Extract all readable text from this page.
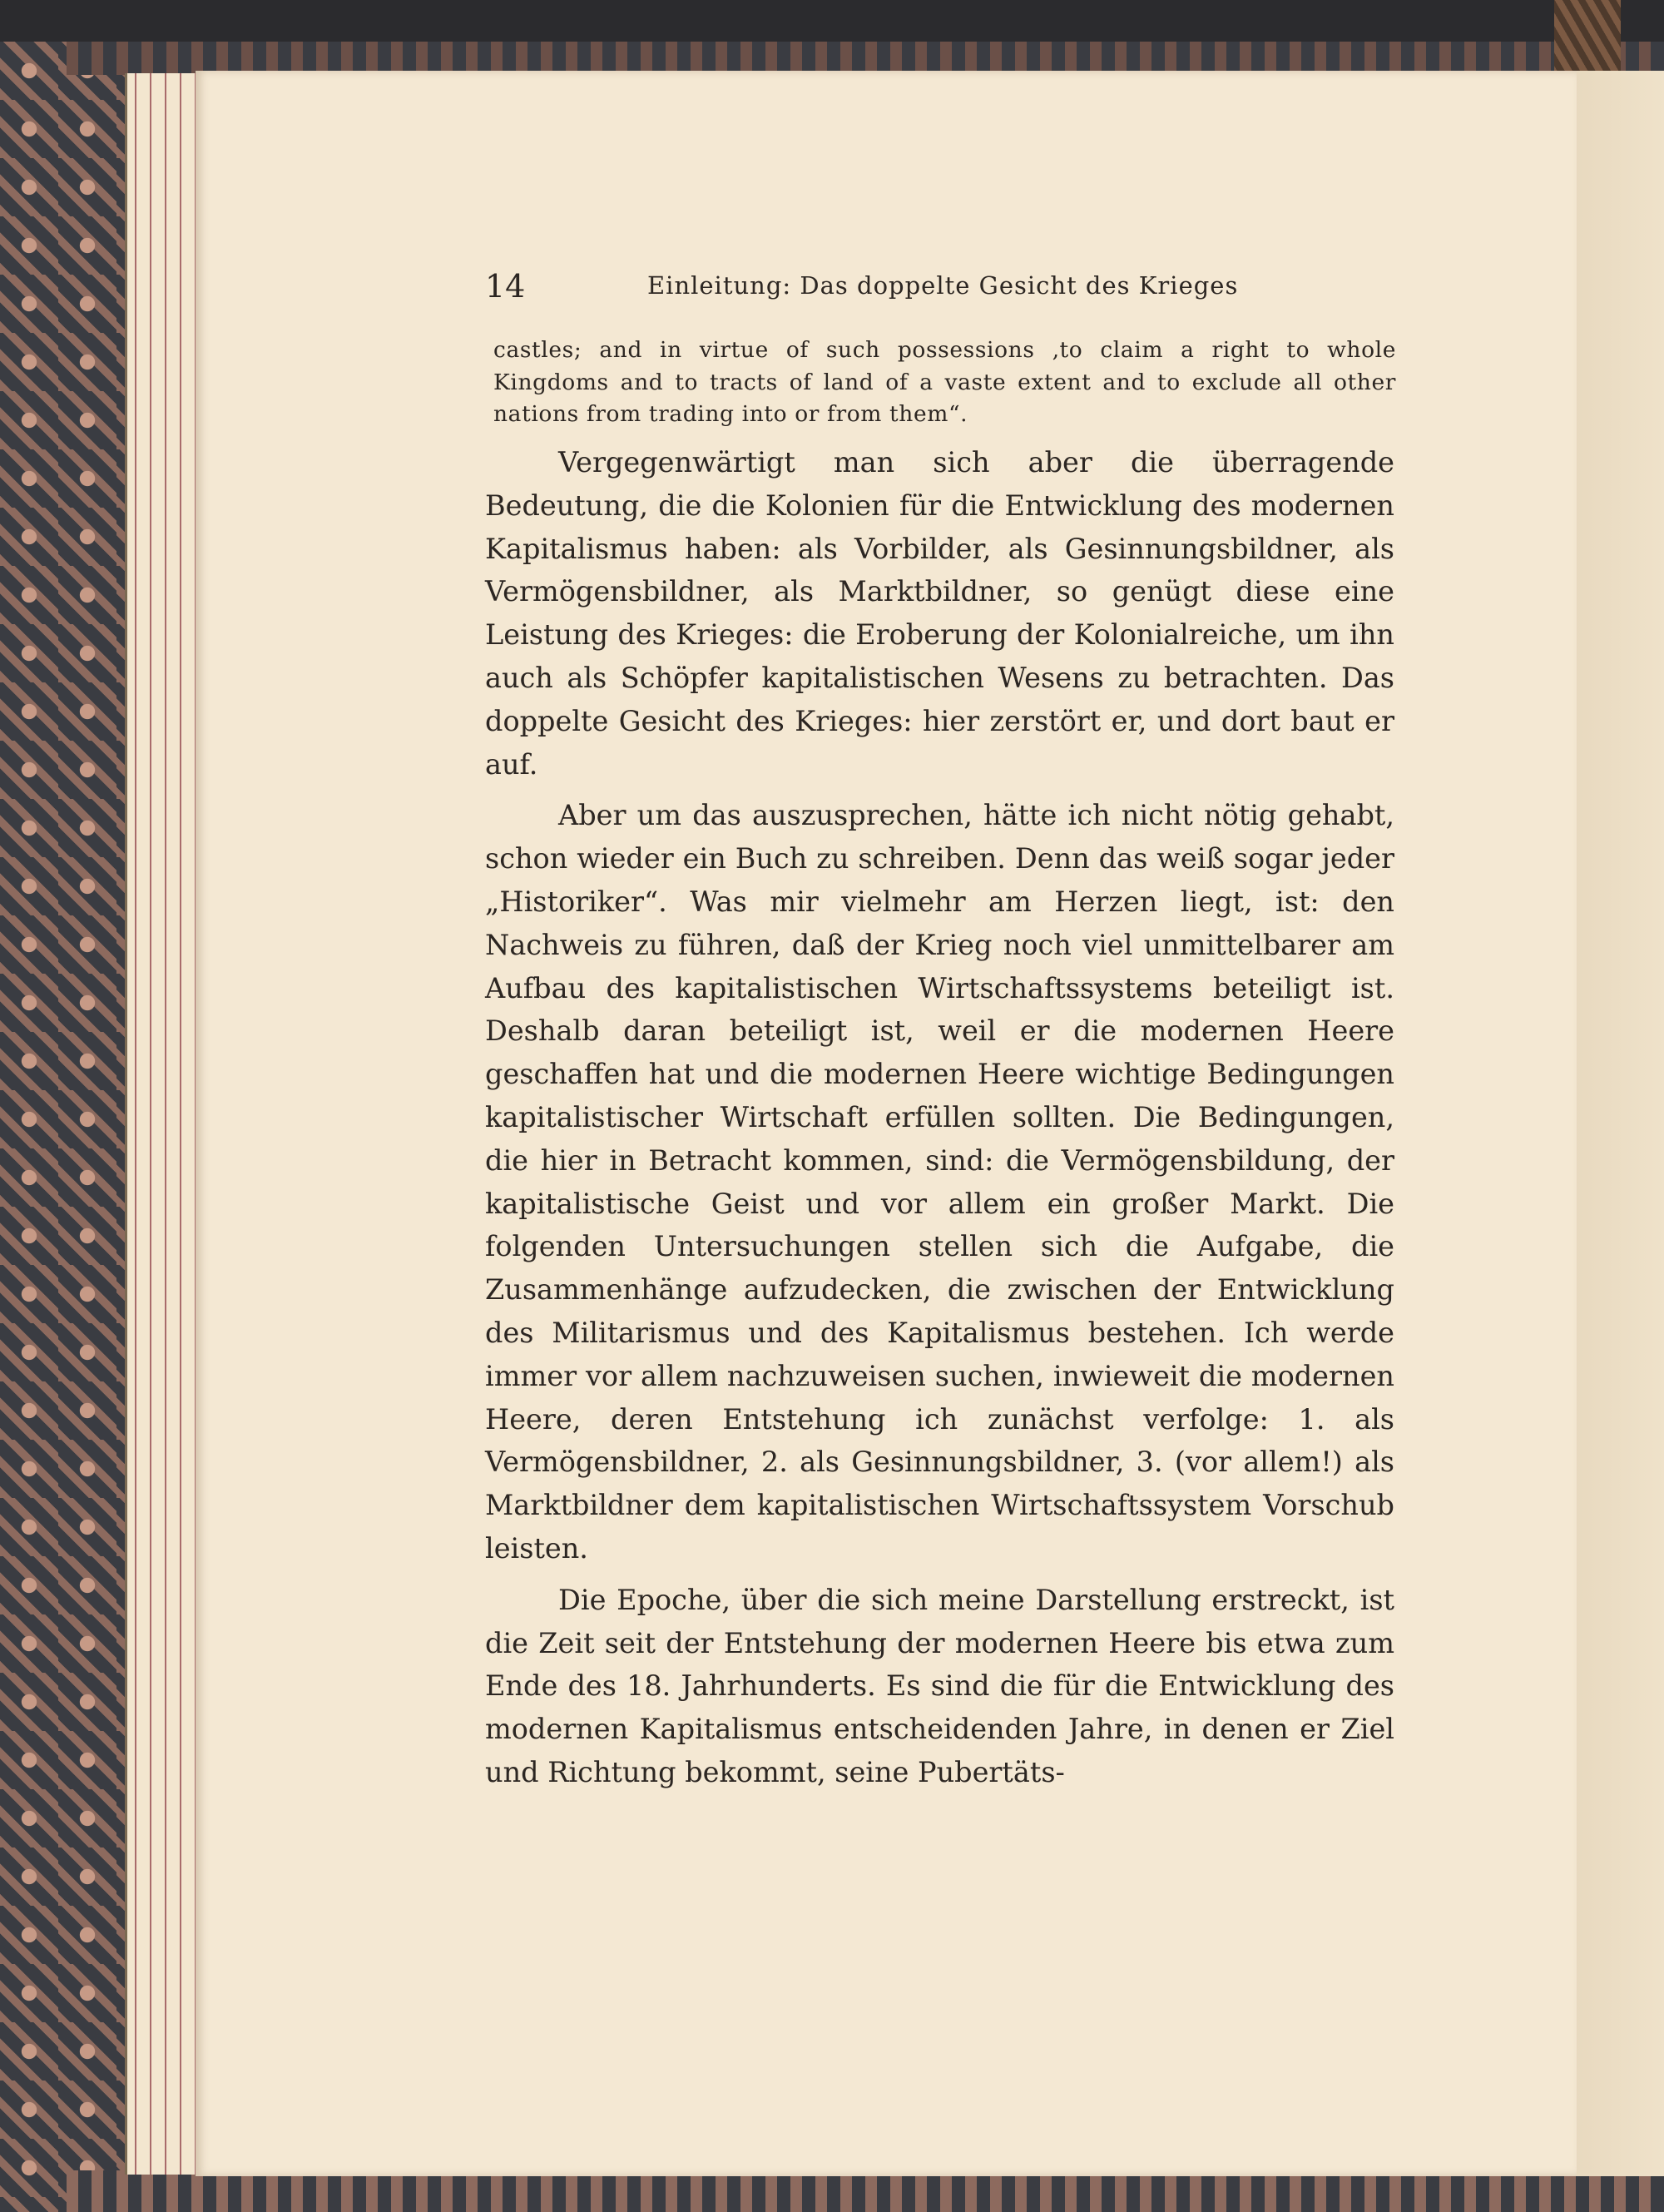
14	Einleitung: Das doppelte Gesicht des Krieges
castles; and in virtue of such possessions ‚to claim a right to whole Kingdoms and to tracts of land of a vaste extent and to exclude all other nations from trading into or from them“.

Vergegenwärtigt man sich aber die überragende Bedeutung, die die Kolonien für die Entwicklung des modernen Kapitalismus haben: als Vorbilder, als Gesinnungsbildner, als Vermögensbildner, als Marktbildner, so genügt diese eine Leistung des Krieges: die Eroberung der Kolonialreiche, um ihn auch als Schöpfer kapitalistischen Wesens zu betrachten. Das doppelte Gesicht des Krieges: hier zerstört er, und dort baut er auf.

Aber um das auszusprechen, hätte ich nicht nötig gehabt, schon wieder ein Buch zu schreiben. Denn das weiß sogar jeder „Historiker“. Was mir vielmehr am Herzen liegt, ist: den Nachweis zu führen, daß der Krieg noch viel unmittelbarer am Aufbau des kapitalistischen Wirtschaftssystems beteiligt ist. Deshalb daran beteiligt ist, weil er die modernen Heere geschaffen hat und die modernen Heere wichtige Bedingungen kapitalistischer Wirtschaft erfüllen sollten. Die Bedingungen, die hier in Betracht kommen, sind: die Vermögensbildung, der kapitalistische Geist und vor allem ein großer Markt. Die folgenden Untersuchungen stellen sich die Aufgabe, die Zusammenhänge aufzudecken, die zwischen der Entwicklung des Militarismus und des Kapitalismus bestehen. Ich werde immer vor allem nachzuweisen suchen, inwieweit die modernen Heere, deren Entstehung ich zunächst verfolge: 1. als Vermögensbildner, 2. als Gesinnungsbildner, 3. (vor allem!) als Marktbildner dem kapitalistischen Wirtschaftssystem Vorschub leisten.

Die Epoche, über die sich meine Darstellung erstreckt, ist die Zeit seit der Entstehung der modernen Heere bis etwa zum Ende des 18. Jahrhunderts. Es sind die für die Entwicklung des modernen Kapitalismus entscheidenden Jahre, in denen er Ziel und Richtung bekommt, seine Pubertäts-
